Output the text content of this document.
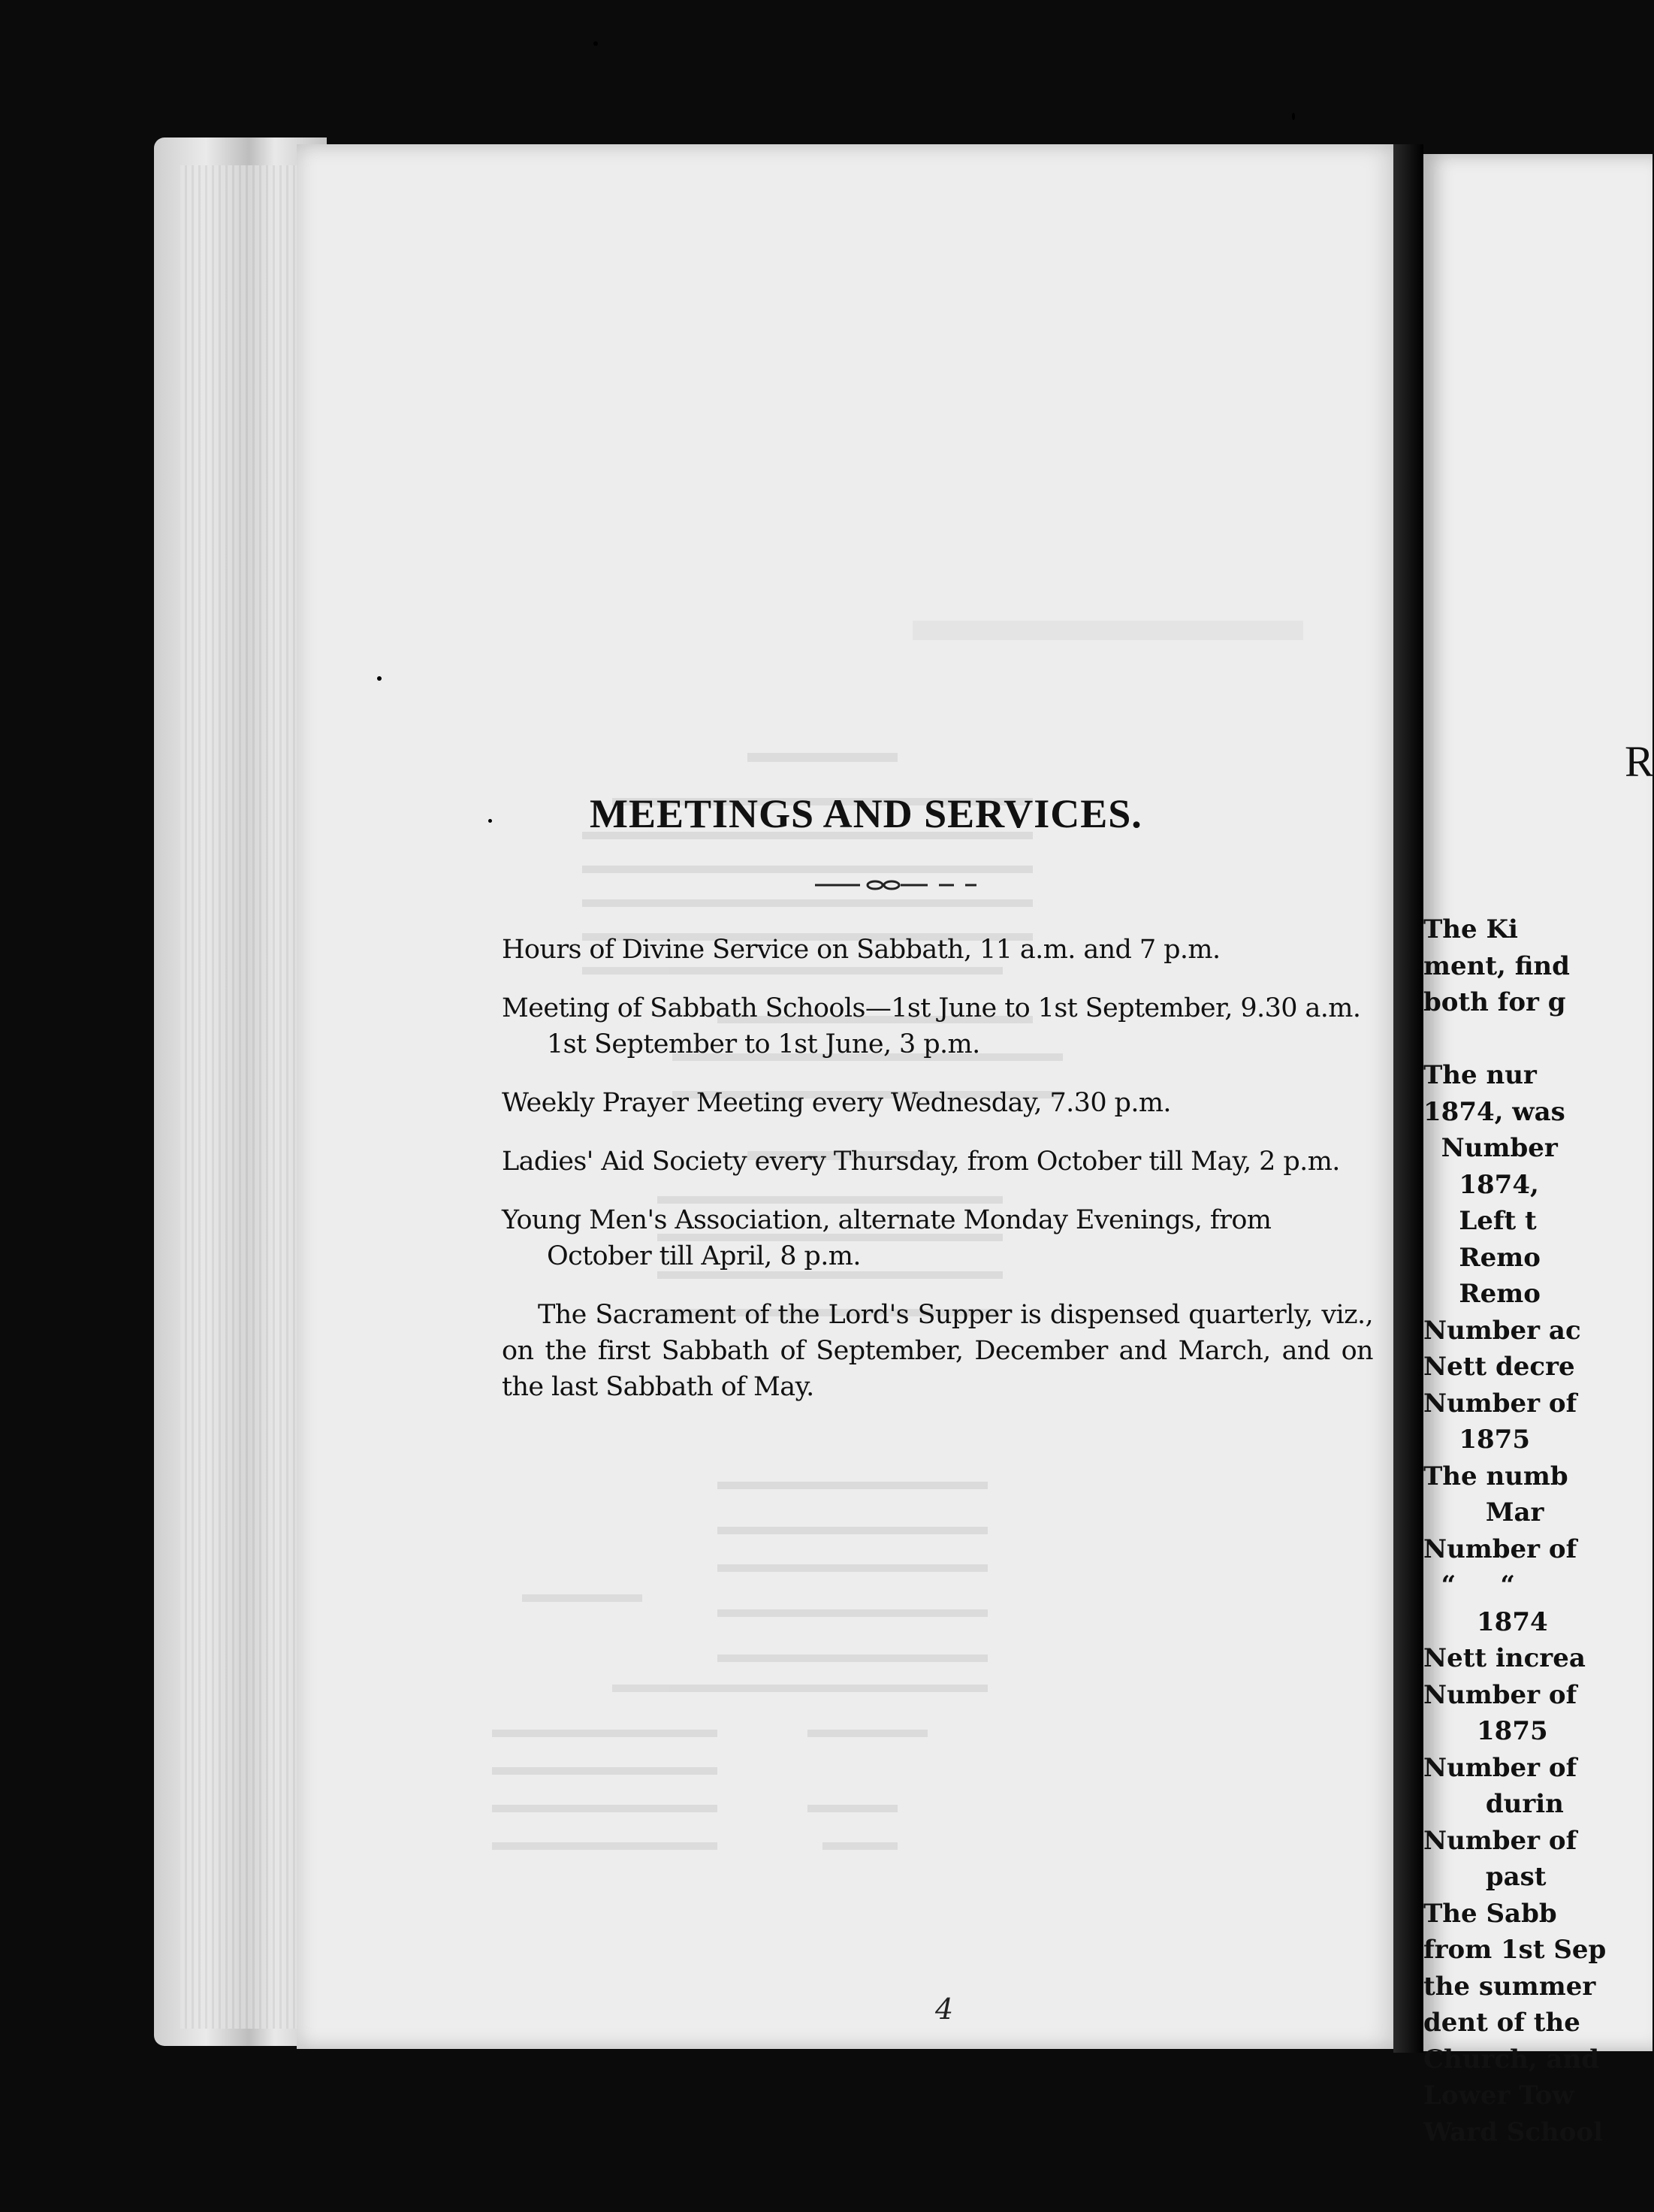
MEETINGS AND SERVICES.

Hours of Divine Service on Sabbath, 11 a.m. and 7 p.m.

Meeting of Sabbath Schools—1st June to 1st September, 9.30 a.m. 1st September to 1st June, 3 p.m.

Weekly Prayer Meeting every Wednesday, 7.30 p.m.

Ladies' Aid Society every Thursday, from October till May, 2 p.m.

Young Men's Association, alternate Monday Evenings, from October till April, 8 p.m.

The Sacrament of the Lord's Supper is dispensed quarterly, viz., on the first Sabbath of September, December and March, and on the last Sabbath of May.

4
R
The Ki
ment, find
both for g
The nur
1874, was
Number
1874,
Left t
Remo
Remo
Number ac
Nett decre
Number of
1875
The numb
Mar
Number of
“     “
1874
Nett increa
Number of
1875
Number of
durin
Number of
past
The Sabb
from 1st Sep
the summer
dent of the
Church, and
Lower Tow
Ward School
